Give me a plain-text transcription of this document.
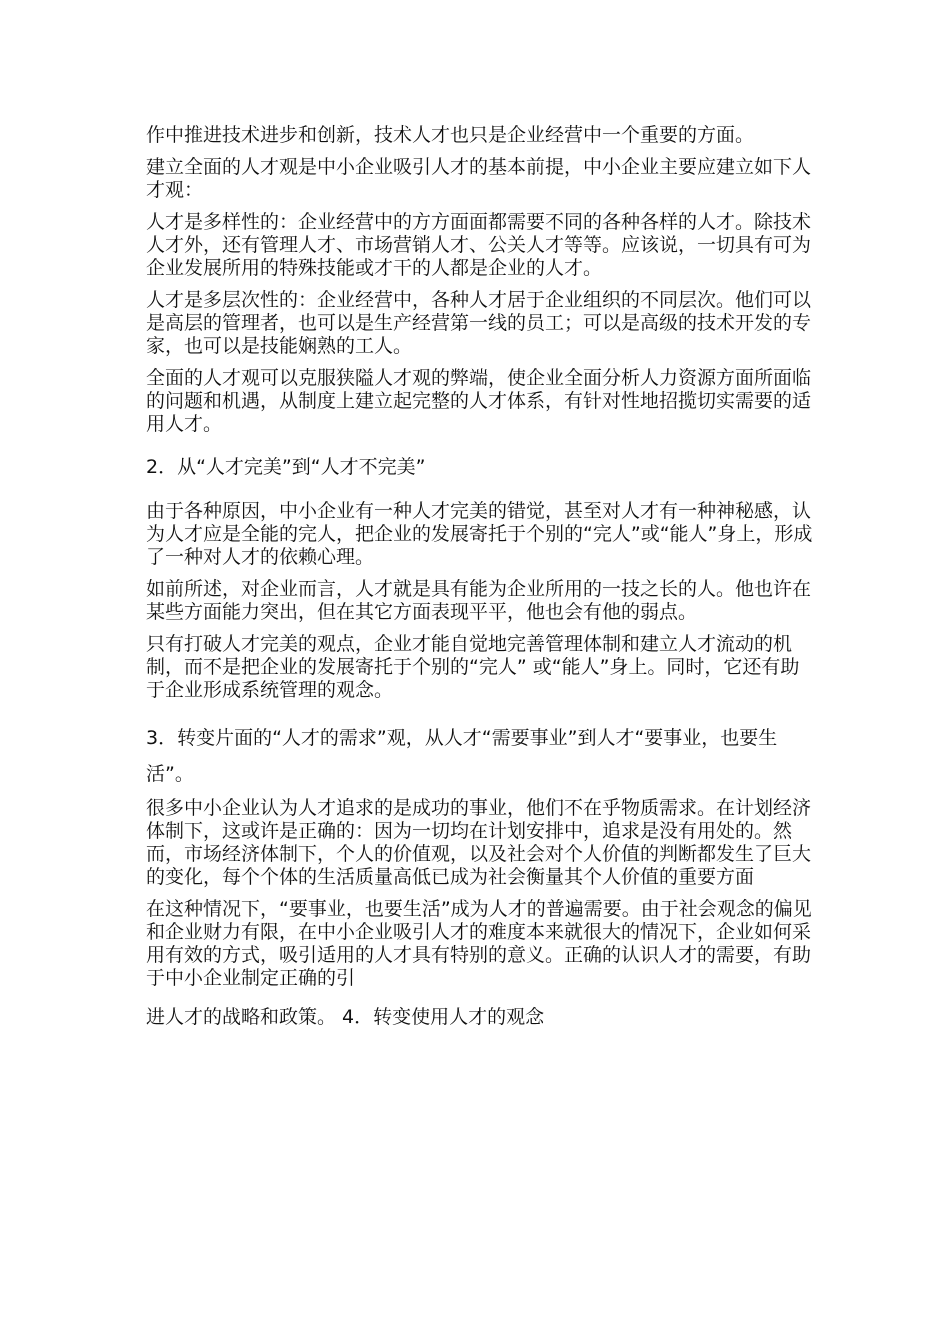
作中推进技术进步和创新，技术人才也只是企业经营中一个重要的方面。

建立全面的人才观是中小企业吸引人才的基本前提，中小企业主要应建立如下人才观：

人才是多样性的：企业经营中的方方面面都需要不同的各种各样的人才。除技术人才外，还有管理人才、市场营销人才、公关人才等等。应该说，一切具有可为企业发展所用的特殊技能或才干的人都是企业的人才。

人才是多层次性的：企业经营中，各种人才居于企业组织的不同层次。他们可以是高层的管理者，也可以是生产经营第一线的员工；可以是高级的技术开发的专家，也可以是技能娴熟的工人。

全面的人才观可以克服狭隘人才观的弊端，使企业全面分析人力资源方面所面临的问题和机遇，从制度上建立起完整的人才体系，有针对性地招揽切实需要的适用人才。

2．从“人才完美”到“人才不完美”

由于各种原因，中小企业有一种人才完美的错觉，甚至对人才有一种神秘感，认为人才应是全能的完人，把企业的发展寄托于个别的“完人”或“能人”身上，形成了一种对人才的依赖心理。

如前所述，对企业而言，人才就是具有能为企业所用的一技之长的人。他也许在某些方面能力突出，但在其它方面表现平平，他也会有他的弱点。

只有打破人才完美的观点，企业才能自觉地完善管理体制和建立人才流动的机制，而不是把企业的发展寄托于个别的“完人” 或“能人”身上。同时，它还有助于企业形成系统管理的观念。

3．转变片面的“人才的需求”观，从人才“需要事业”到人才“要事业，也要生活”。

很多中小企业认为人才追求的是成功的事业，他们不在乎物质需求。在计划经济体制下，这或许是正确的：因为一切均在计划安排中，追求是没有用处的。然而，市场经济体制下，个人的价值观，以及社会对个人价值的判断都发生了巨大的变化，每个个体的生活质量高低已成为社会衡量其个人价值的重要方面

在这种情况下，“要事业，也要生活”成为人才的普遍需要。由于社会观念的偏见和企业财力有限，在中小企业吸引人才的难度本来就很大的情况下，企业如何采用有效的方式，吸引适用的人才具有特别的意义。正确的认识人才的需要，有助于中小企业制定正确的引

进人才的战略和政策。 4．转变使用人才的观念
